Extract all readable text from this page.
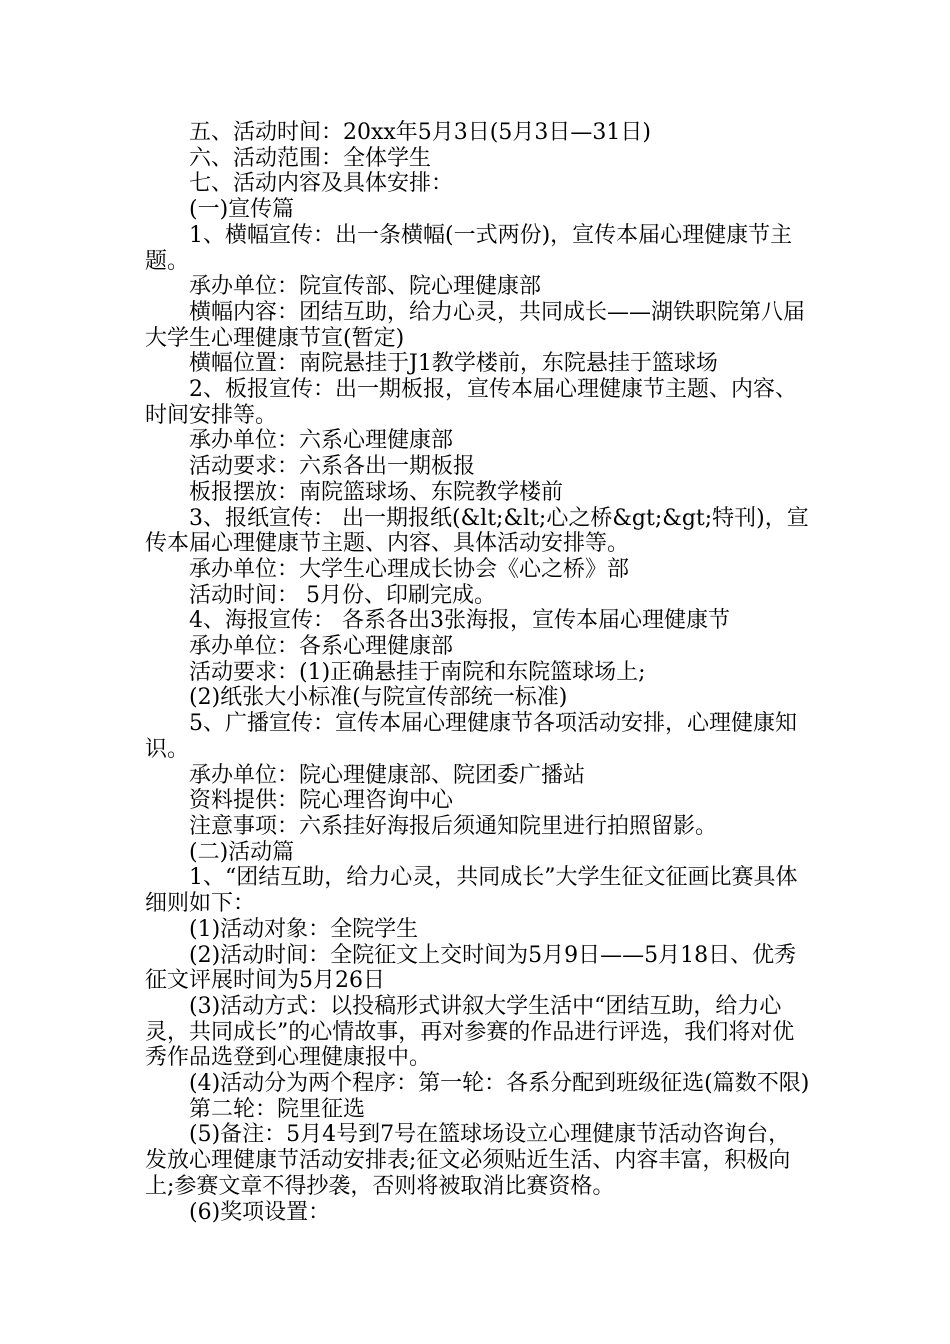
五、活动时间：20xx年5月3日(5月3日—31日)

六、活动范围：全体学生

七、活动内容及具体安排：

(一)宣传篇

1、横幅宣传：出一条横幅(一式两份)，宣传本届心理健康节主题。

承办单位：院宣传部、院心理健康部

横幅内容：团结互助，给力心灵，共同成长——湖铁职院第八届大学生心理健康节宣(暂定)

横幅位置：南院悬挂于J1教学楼前，东院悬挂于篮球场

2、板报宣传：出一期板报，宣传本届心理健康节主题、内容、时间安排等。

承办单位：六系心理健康部

活动要求：六系各出一期板报

板报摆放：南院篮球场、东院教学楼前

3、报纸宣传： 出一期报纸(&lt;&lt;心之桥&gt;&gt;特刊)，宣传本届心理健康节主题、内容、具体活动安排等。

承办单位：大学生心理成长协会《心之桥》部

活动时间： 5月份、印刷完成。

4、海报宣传： 各系各出3张海报，宣传本届心理健康节

承办单位：各系心理健康部

活动要求：(1)正确悬挂于南院和东院篮球场上;

(2)纸张大小标准(与院宣传部统一标准)

5、广播宣传：宣传本届心理健康节各项活动安排，心理健康知识。

承办单位：院心理健康部、院团委广播站

资料提供：院心理咨询中心

注意事项：六系挂好海报后须通知院里进行拍照留影。

(二)活动篇

1、“团结互助，给力心灵，共同成长”大学生征文征画比赛具体细则如下：

(1)活动对象：全院学生

(2)活动时间：全院征文上交时间为5月9日——5月18日、优秀征文评展时间为5月26日

(3)活动方式：以投稿形式讲叙大学生活中“团结互助，给力心灵，共同成长”的心情故事，再对参赛的作品进行评选，我们将对优秀作品选登到心理健康报中。

(4)活动分为两个程序：第一轮：各系分配到班级征选(篇数不限)

第二轮：院里征选

(5)备注：5月4号到7号在篮球场设立心理健康节活动咨询台，发放心理健康节活动安排表;征文必须贴近生活、内容丰富，积极向上;参赛文章不得抄袭，否则将被取消比赛资格。

(6)奖项设置：
